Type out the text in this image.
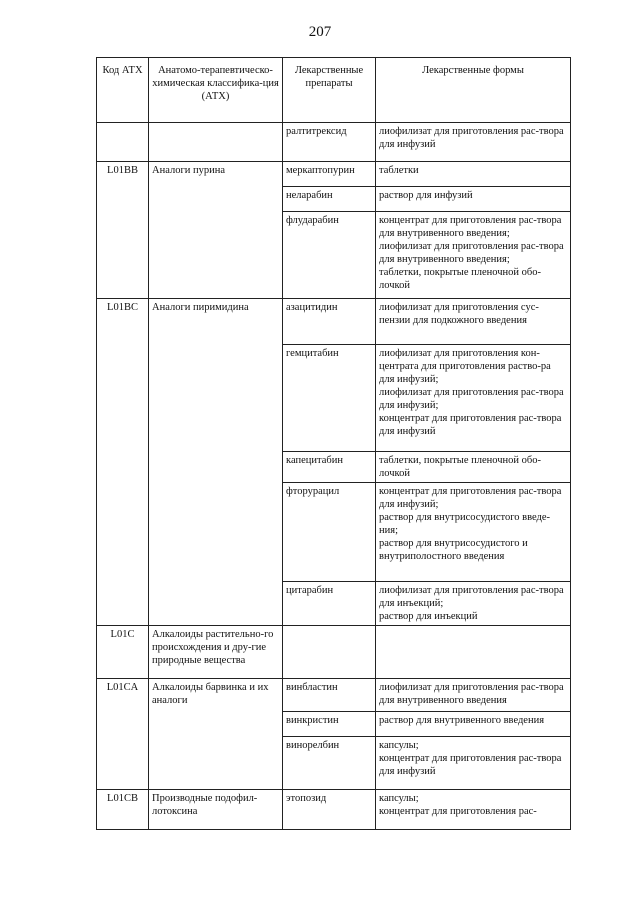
207
Код АТХ	Анатомо-терапевтическо-химическая классифика-ция (АТХ)	Лекарственные препараты	Лекарственные формы
		ралтитрексид	лиофилизат для приготовления рас-твора для инфузий
L01BB	Аналоги пурина	меркаптопурин	таблетки
		неларабин	раствор для инфузий
		флударабин	концентрат для приготовления рас-твора для внутривенного введения;
лиофилизат для приготовления рас-твора для внутривенного введения;
таблетки, покрытые пленочной обо-лочкой
L01BC	Аналоги пиримидина	азацитидин	лиофилизат для приготовления сус-пензии для подкожного введения
		гемцитабин	лиофилизат для приготовления кон-центрата для приготовления раство-ра для инфузий;
лиофилизат для приготовления рас-твора для инфузий;
концентрат для приготовления рас-твора для инфузий
		капецитабин	таблетки, покрытые пленочной обо-лочкой
		фторурацил	концентрат для приготовления рас-твора для инфузий;
раствор для внутрисосудистого введе-ния;
раствор для внутрисосудистого и внутриполостного введения
		цитарабин	лиофилизат для приготовления рас-твора для инъекций;
раствор для инъекций
L01C	Алкалоиды растительно-го происхождения и дру-гие природные вещества		
L01CA	Алкалоиды барвинка и их аналоги	винбластин	лиофилизат для приготовления рас-твора для внутривенного введения
		винкристин	раствор для внутривенного введения
		винорелбин	капсулы;
концентрат для приготовления рас-твора для инфузий
L01CB	Производные подофил-лотоксина	этопозид	капсулы;
концентрат для приготовления рас-
